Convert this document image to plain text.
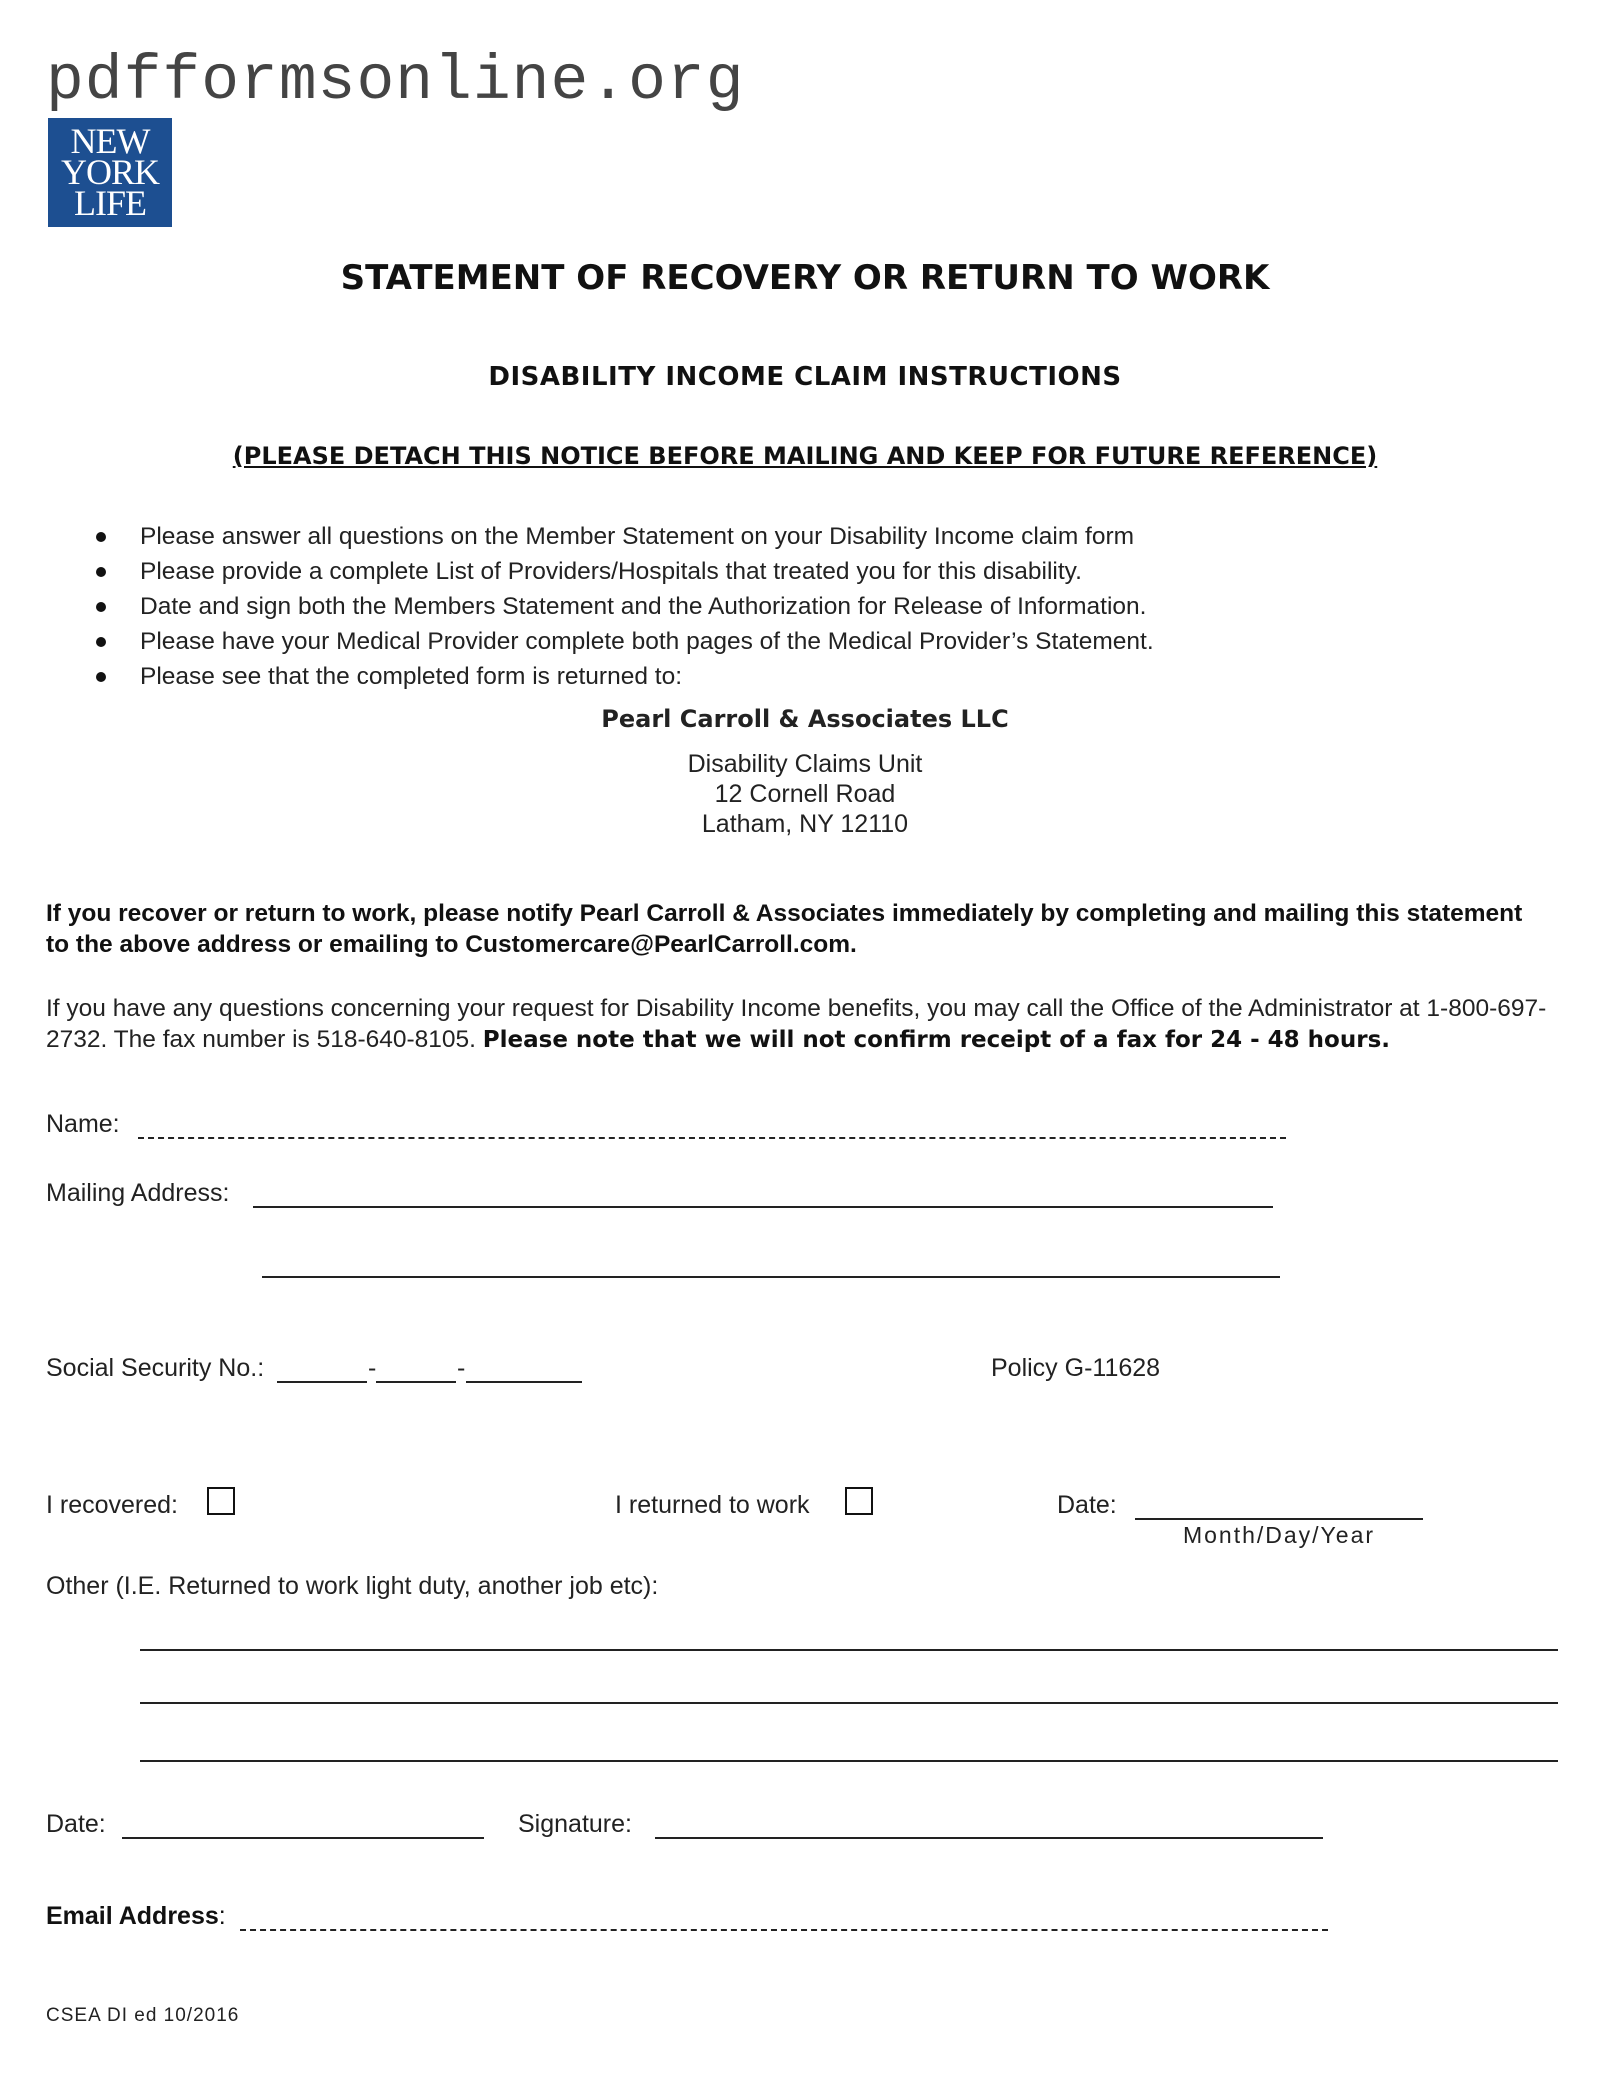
pdfformsonline.org
NEW
YORK
LIFE
STATEMENT OF RECOVERY OR RETURN TO WORK
DISABILITY INCOME CLAIM INSTRUCTIONS
(PLEASE DETACH THIS NOTICE BEFORE MAILING AND KEEP FOR FUTURE REFERENCE)
Please answer all questions on the Member Statement on your Disability Income claim form
Please provide a complete List of Providers/Hospitals that treated you for this disability.
Date and sign both the Members Statement and the Authorization for Release of Information.
Please have your Medical Provider complete both pages of the Medical Provider’s Statement.
Please see that the completed form is returned to:
Pearl Carroll & Associates LLC
Disability Claims Unit
12 Cornell Road
Latham, NY 12110
If you recover or return to work, please notify Pearl Carroll & Associates immediately by completing and mailing this statement to the above address or emailing to Customercare@PearlCarroll.com.
If you have any questions concerning your request for Disability Income benefits, you may call the Office of the Administrator at 1-800-697-2732. The fax number is 518-640-8105. Please note that we will not confirm receipt of a fax for 24 - 48 hours.
Name:
Mailing Address:
Social Security No.:	-	-	Policy G-11628
I recovered:	I returned to work	Date:
Month/Day/Year
Other (I.E. Returned to work light duty, another job etc):
Date:	Signature:
Email Address:
CSEA DI ed 10/2016
